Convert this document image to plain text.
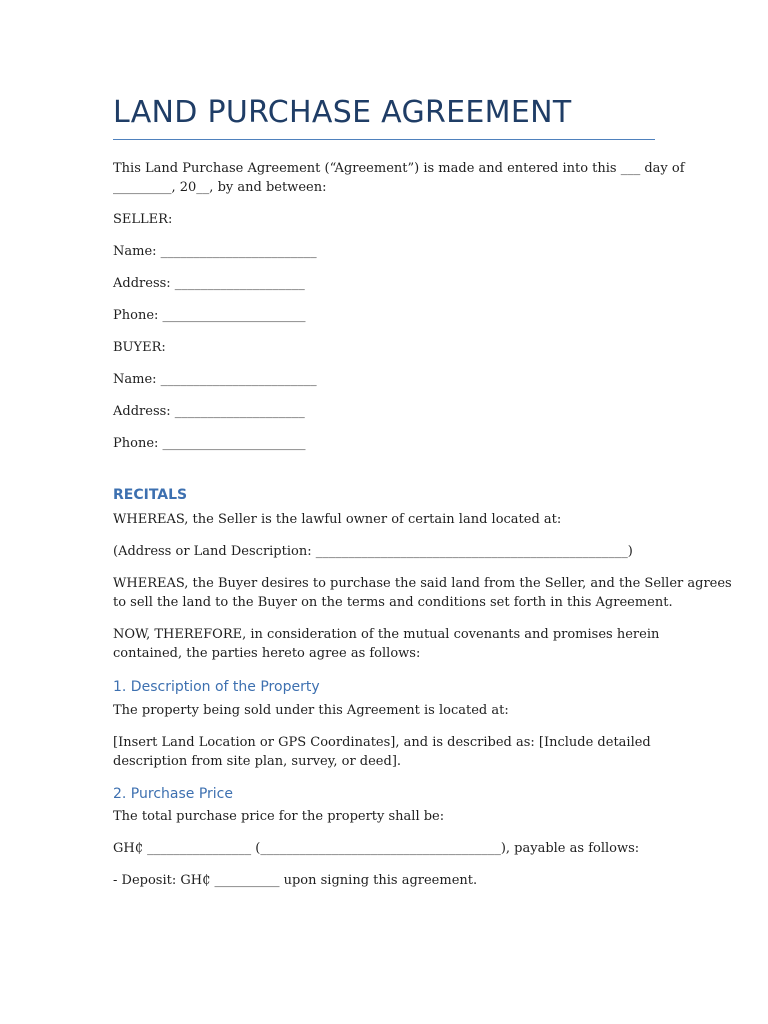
LAND PURCHASE AGREEMENT
This Land Purchase Agreement (“Agreement”) is made and entered into this ___ day of
_________, 20__, by and between:
SELLER:
Name: ________________________
Address: ____________________
Phone: ______________________
BUYER:
Name: ________________________
Address: ____________________
Phone: ______________________
RECITALS
WHEREAS, the Seller is the lawful owner of certain land located at:
(Address or Land Description: ________________________________________________)
WHEREAS, the Buyer desires to purchase the said land from the Seller, and the Seller agrees
to sell the land to the Buyer on the terms and conditions set forth in this Agreement.
NOW, THEREFORE, in consideration of the mutual covenants and promises herein
contained, the parties hereto agree as follows:
1. Description of the Property
The property being sold under this Agreement is located at:
[Insert Land Location or GPS Coordinates], and is described as: [Include detailed
description from site plan, survey, or deed].
2. Purchase Price
The total purchase price for the property shall be:
GH₵ ________________ (_____________________________________), payable as follows:
- Deposit: GH₵ __________ upon signing this agreement.
